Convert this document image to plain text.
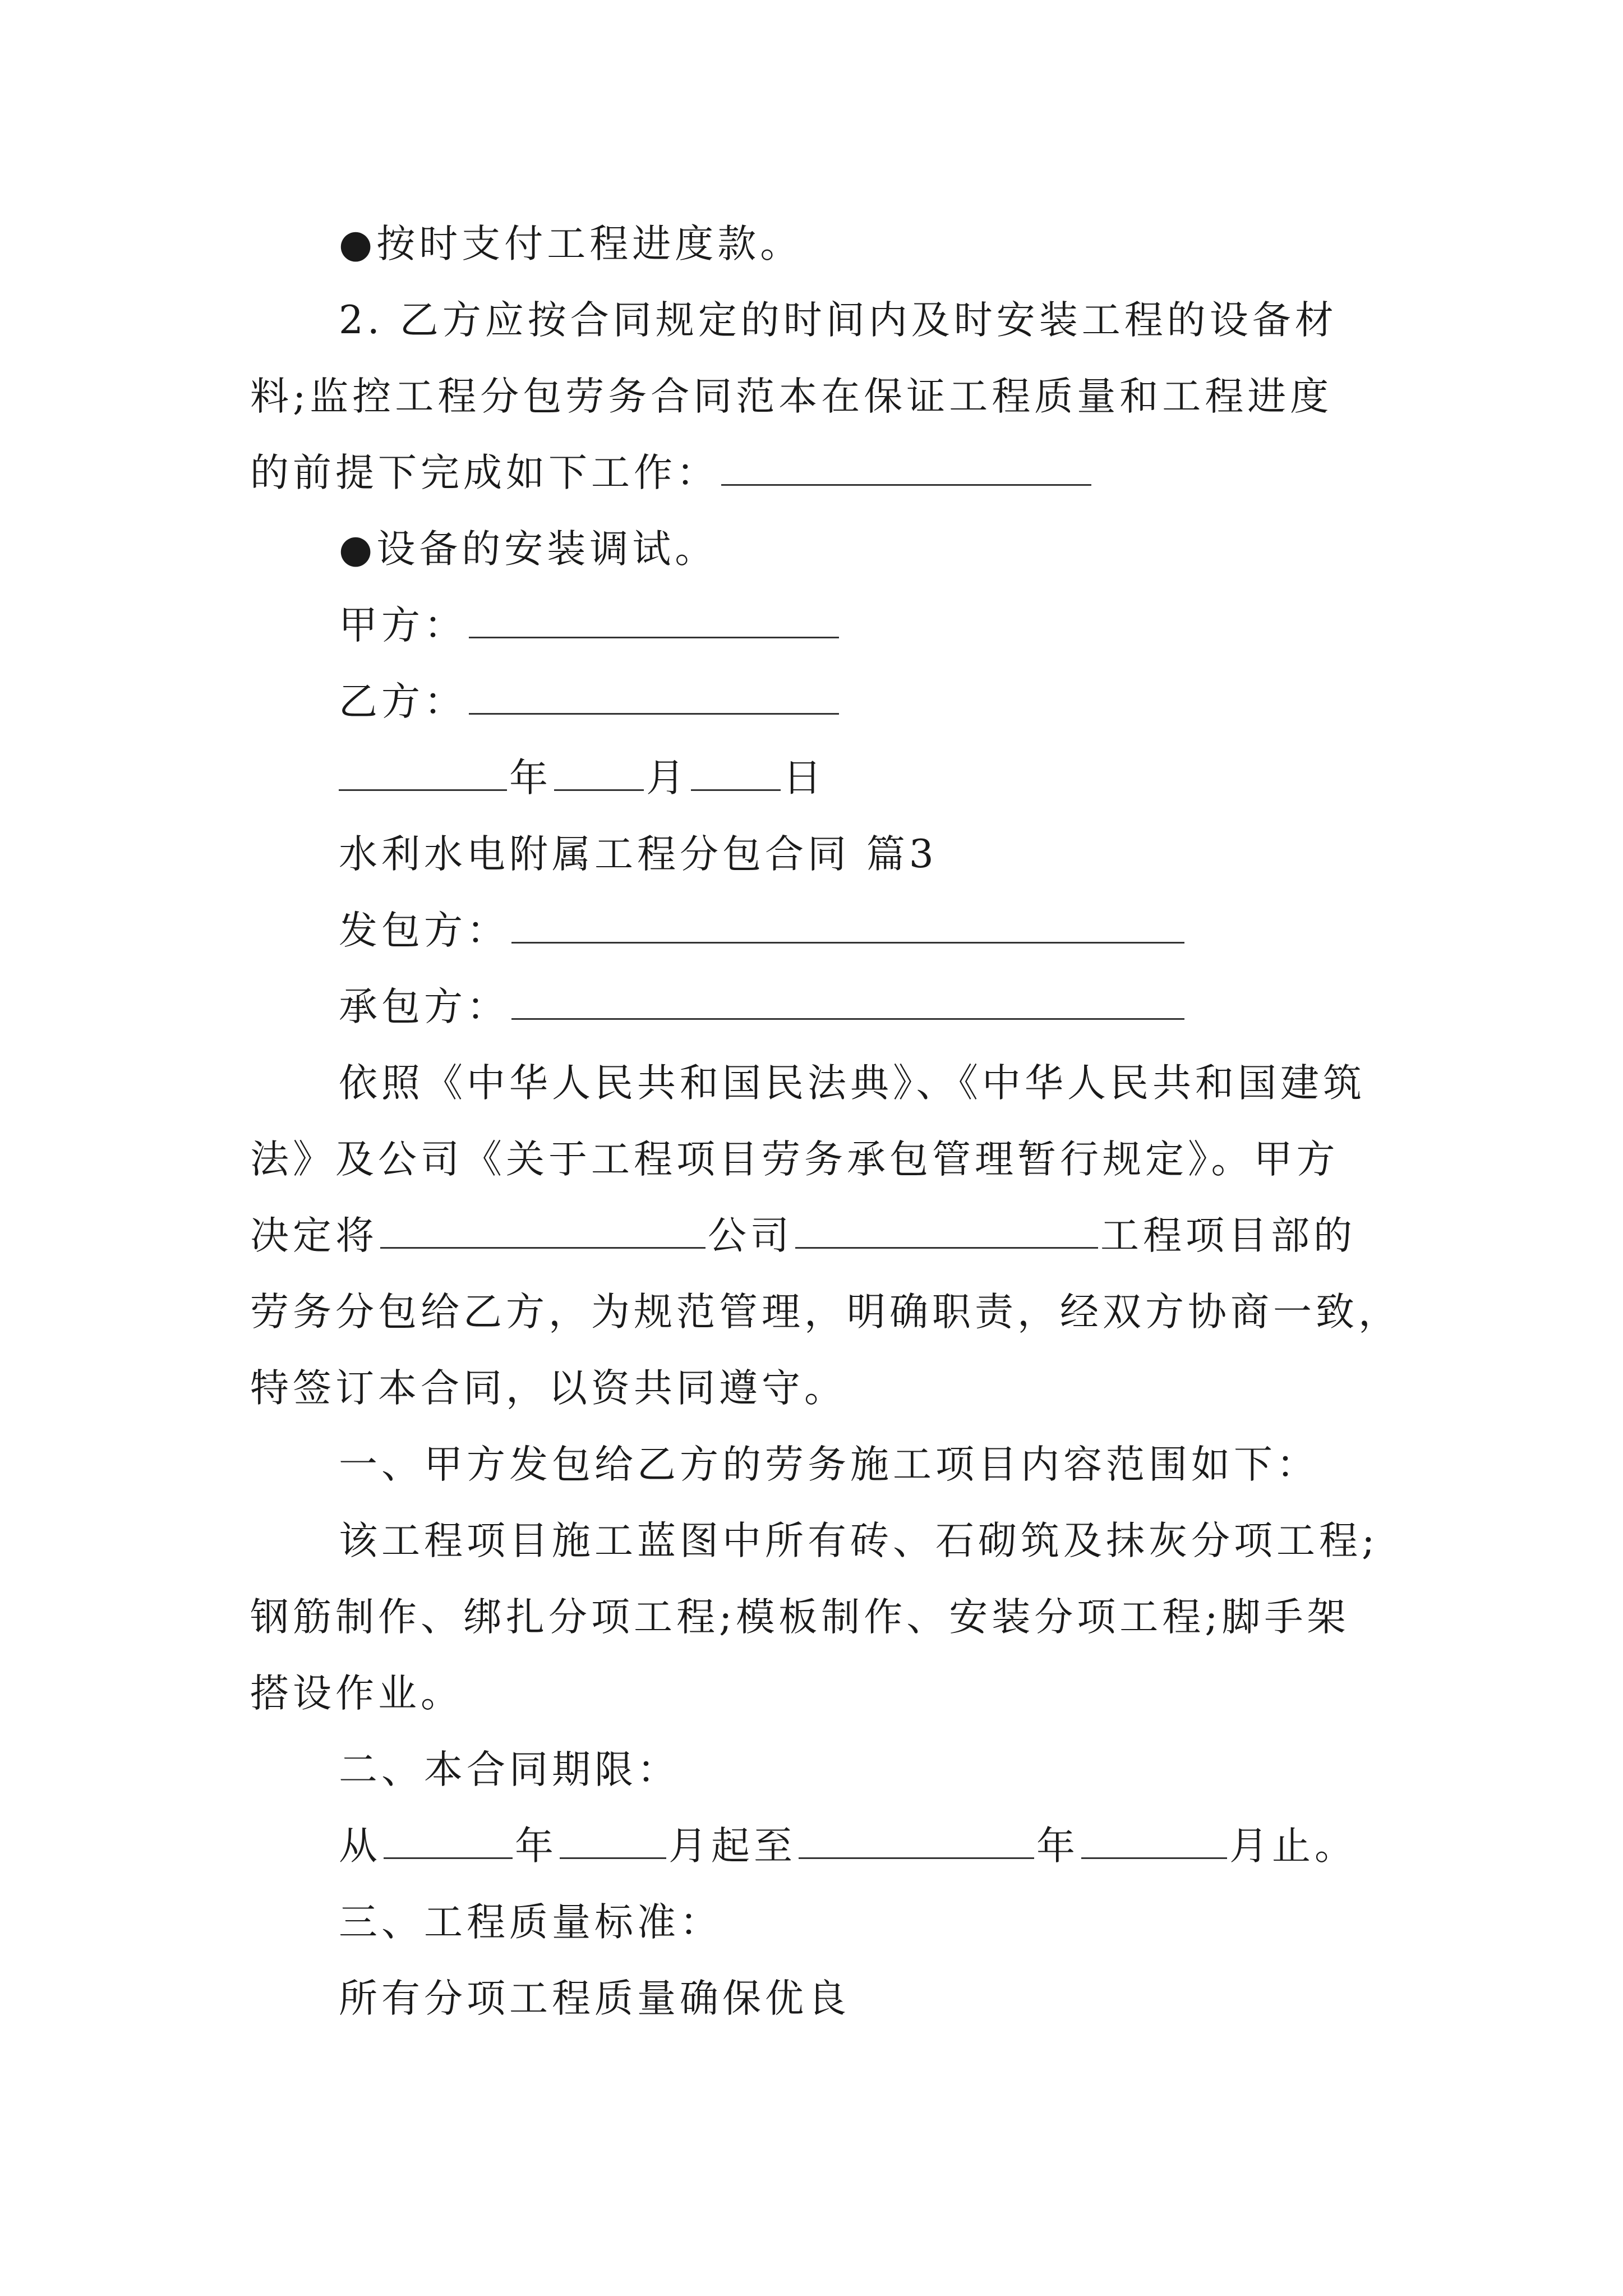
●按时支付工程进度款。
2. 乙方应按合同规定的时间内及时安装工程的设备材
料;监控工程分包劳务合同范本在保证工程质量和工程进度
的前提下完成如下工作：
●设备的安装调试。
甲方：
乙方：
年 月 日
水利水电附属工程分包合同 篇3
发包方：
承包方：
依照《中华人民共和国民法典》、《中华人民共和国建筑
法》及公司《关于工程项目劳务承包管理暂行规定》。甲方
决定将	公司	工程项目部的
劳务分包给乙方，为规范管理，明确职责，经双方协商一致，
特签订本合同，以资共同遵守。
一、甲方发包给乙方的劳务施工项目内容范围如下：
该工程项目施工蓝图中所有砖、石砌筑及抹灰分项工程;
钢筋制作、绑扎分项工程;模板制作、安装分项工程;脚手架
搭设作业。
二、本合同期限：
从	年	月起至	年	月止。
三、工程质量标准：
所有分项工程质量确保优良
